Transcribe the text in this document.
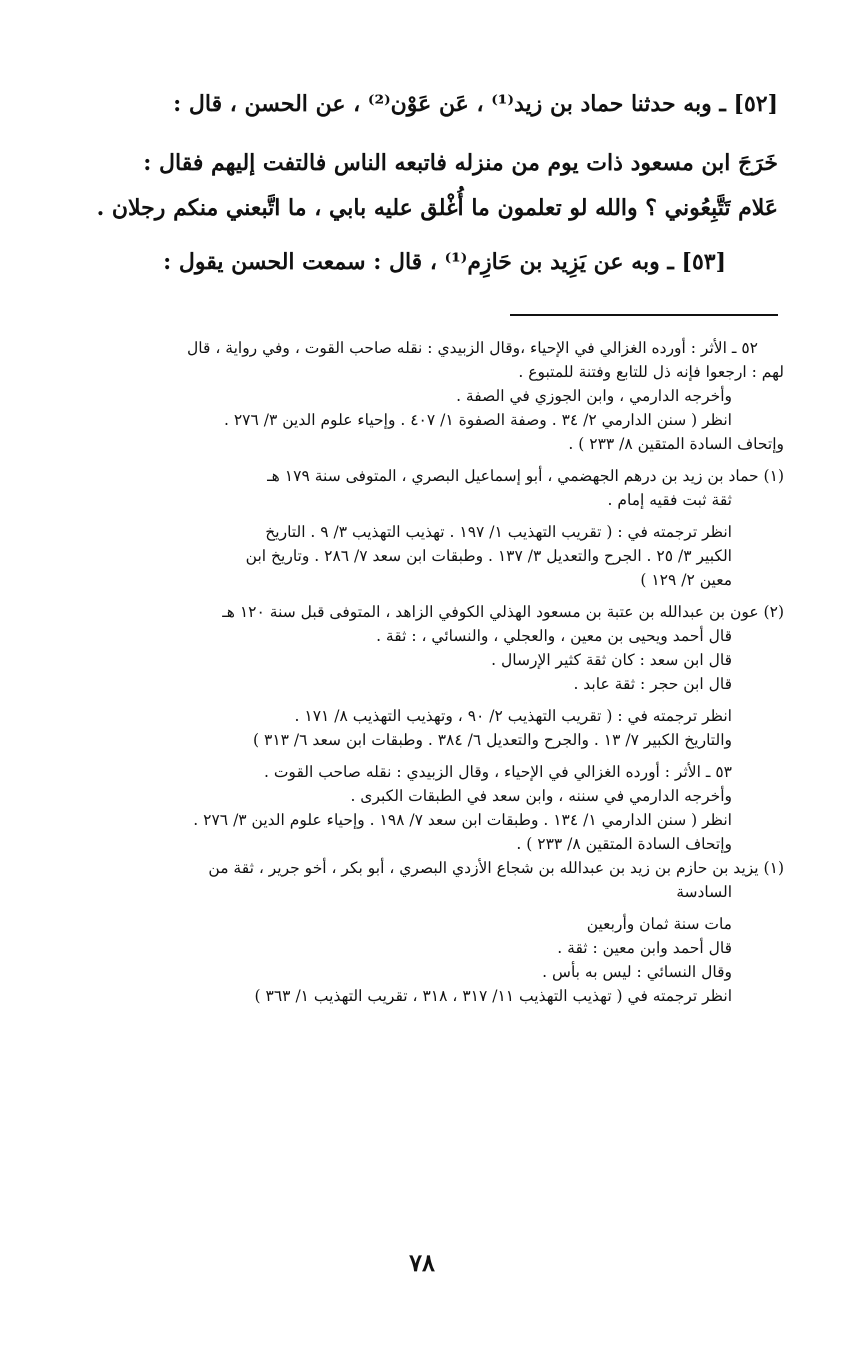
[٥٢] ـ وبه حدثنا حماد بن زيد⁽¹⁾ ، عَن عَوْن⁽²⁾ ، عن الحسن ، قال :

خَرَجَ ابن مسعود ذات يوم من منزله فاتبعه الناس فالتفت إليهم فقال :

عَلام تَتَّبِعُوني ؟ والله لو تعلمون ما أُغْلق عليه بابي ، ما اتَّبعني منكم رجلان .

[٥٣] ـ وبه عن يَزِيد بن حَازِم⁽¹⁾ ، قال : سمعت الحسن يقول :

٥٢ ـ الأثر : أورده الغزالي في الإحياء ،وقال الزبيدي : نقله صاحب القوت ، وفي رواية ، قال

لهم : ارجعوا فإنه ذل للتابع وفتنة للمتبوع .

وأخرجه الدارمي ، وابن الجوزي في الصفة .

انظر ( سنن الدارمي ٢/ ٣٤ . وصفة الصفوة ١/ ٤٠٧ . وإحياء علوم الدين ٣/ ٢٧٦ .

وإتحاف السادة المتقين ٨/ ٢٣٣ ) .

(١) حماد بن زيد بن درهم الجهضمي ، أبو إسماعيل البصري ، المتوفى سنة ١٧٩ هـ

ثقة ثبت فقيه إمام .

انظر ترجمته في : ( تقريب التهذيب ١/ ١٩٧ . تهذيب التهذيب ٣/ ٩ . التاريخ

الكبير ٣/ ٢٥ . الجرح والتعديل ٣/ ١٣٧ . وطبقات ابن سعد ٧/ ٢٨٦ . وتاريخ ابن

معين ٢/ ١٢٩ )

(٢) عون بن عبدالله بن عتبة بن مسعود الهذلي الكوفي الزاهد ، المتوفى قبل سنة ١٢٠ هـ

قال أحمد ويحيى بن معين ، والعجلي ، والنسائي ، : ثقة .

قال ابن سعد : كان ثقة كثير الإرسال .

قال ابن حجر : ثقة عابد .

انظر ترجمته في : ( تقريب التهذيب ٢/ ٩٠ ، وتهذيب التهذيب ٨/ ١٧١ .

والتاريخ الكبير ٧/ ١٣ . والجرح والتعديل ٦/ ٣٨٤ . وطبقات ابن سعد ٦/ ٣١٣ )

٥٣ ـ الأثر : أورده الغزالي في الإحياء ، وقال الزبيدي : نقله صاحب القوت .

وأخرجه الدارمي في سننه ، وابن سعد في الطبقات الكبرى .

انظر ( سنن الدارمي ١/ ١٣٤ . وطبقات ابن سعد ٧/ ١٩٨ . وإحياء علوم الدين ٣/ ٢٧٦ .

وإتحاف السادة المتقين ٨/ ٢٣٣ ) .

(١) يزيد بن حازم بن زيد بن عبدالله بن شجاع الأزدي البصري ، أبو بكر ، أخو جرير ، ثقة من

السادسة

مات سنة ثمان وأربعين

قال أحمد وابن معين : ثقة .

وقال النسائي : ليس به بأس .

انظر ترجمته في ( تهذيب التهذيب ١١/ ٣١٧ ، ٣١٨ ، تقريب التهذيب ١/ ٣٦٣ )

٧٨
